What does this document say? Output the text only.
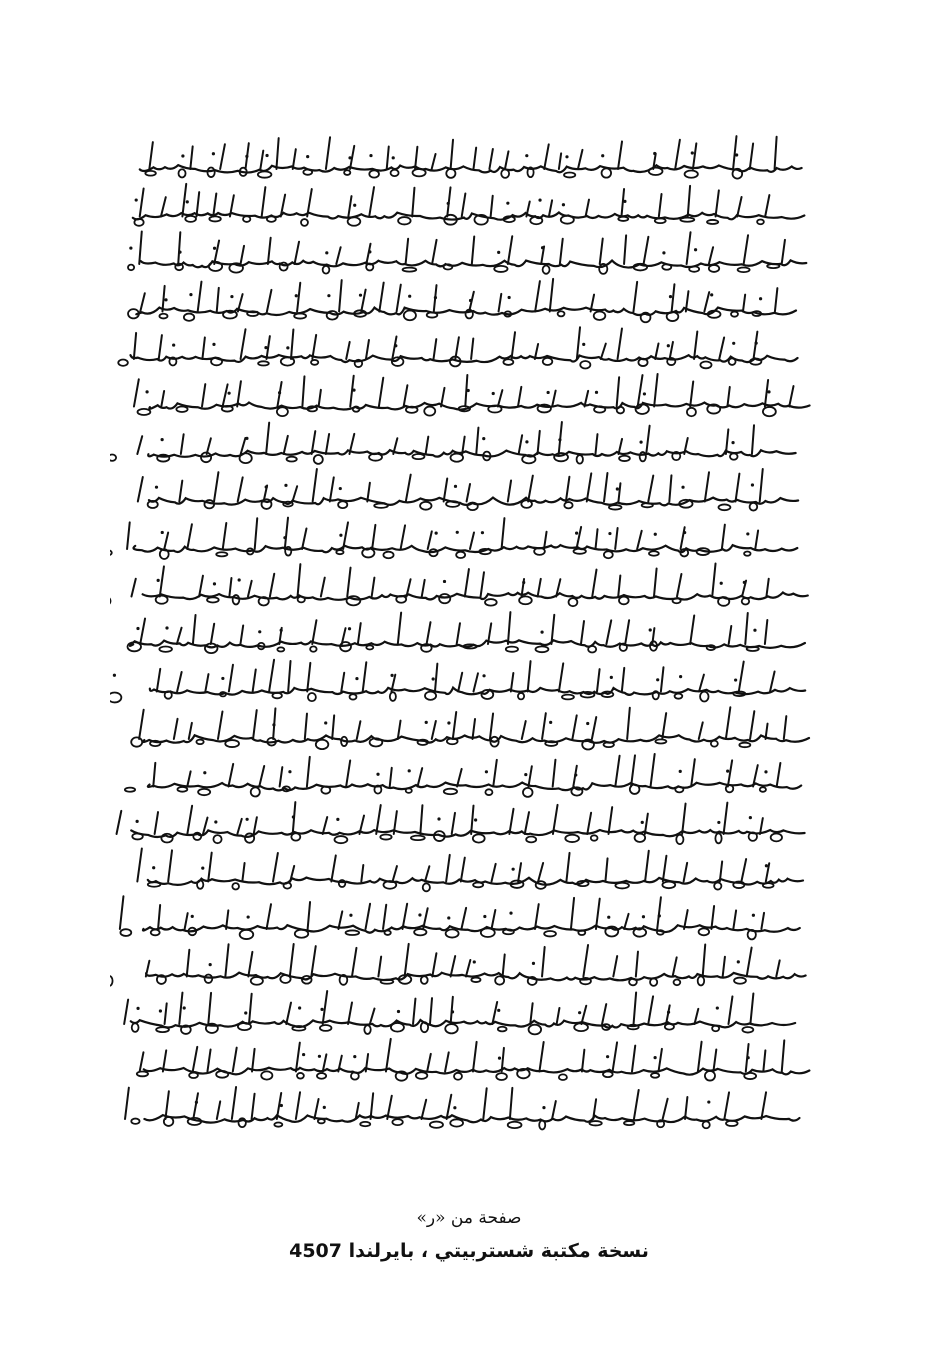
صفحة من «ر»
نسخة مكتبة شستربيتي ، بايرلندا 4507
